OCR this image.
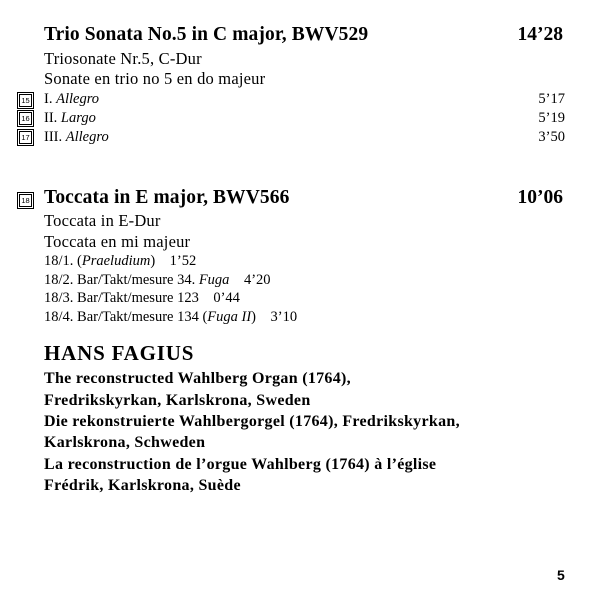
Trio Sonata No.5 in C major, BWV529	14’28
Triosonate Nr.5, C-Dur
Sonate en trio no 5 en do majeur
15 I. Allegro	5’17
16 II. Largo	5’19
17 III. Allegro	3’50
18 Toccata in E major, BWV566	10’06
Toccata in E-Dur
Toccata en mi majeur
18/1. (Praeludium) 1’52
18/2. Bar/Takt/mesure 34. Fuga 4’20
18/3. Bar/Takt/mesure 123 0’44
18/4. Bar/Takt/mesure 134 (Fuga II) 3’10
HANS FAGIUS
The reconstructed Wahlberg Organ (1764),
Fredrikskyrkan, Karlskrona, Sweden
Die rekonstruierte Wahlbergorgel (1764), Fredrikskyrkan,
Karlskrona, Schweden
La reconstruction de l’orgue Wahlberg (1764) à l’église
Frédrik, Karlskrona, Suède
5
